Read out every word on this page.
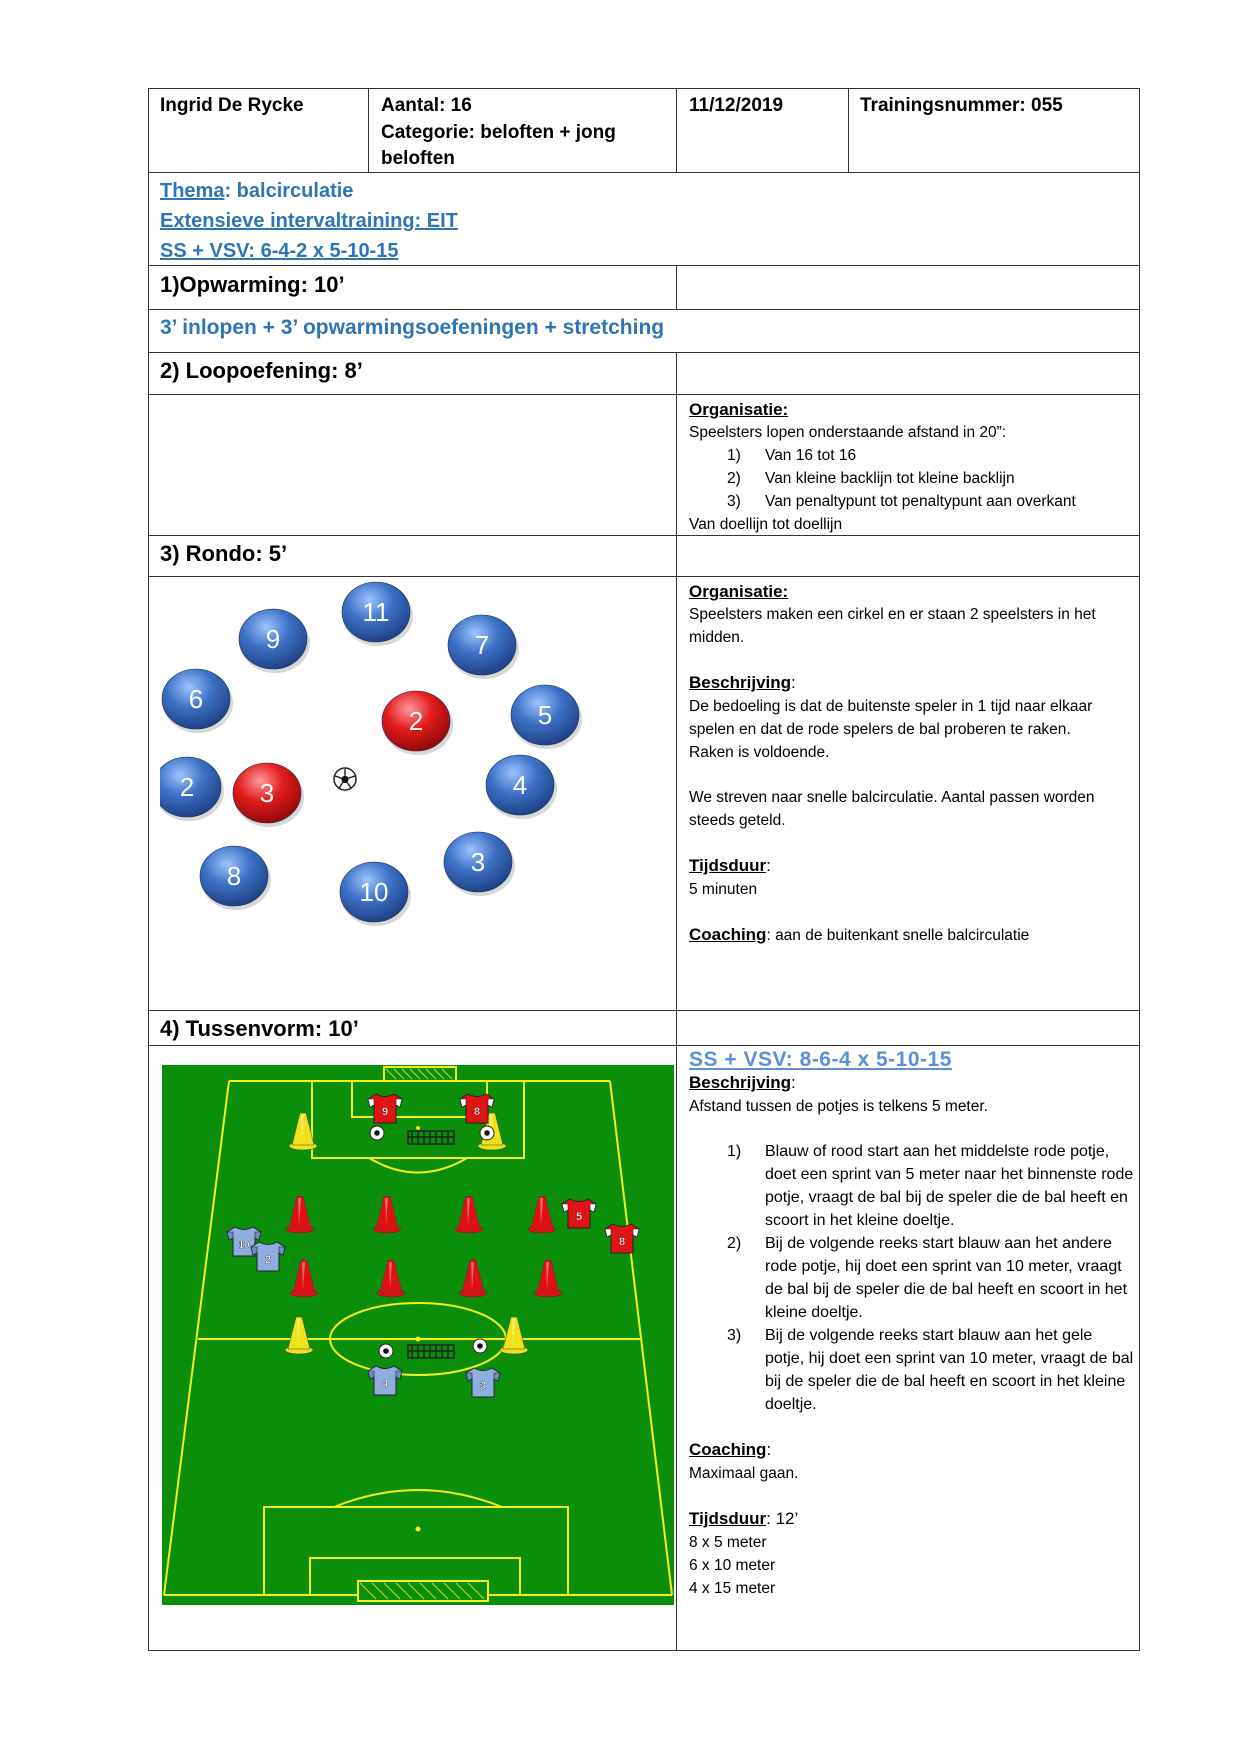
Ingrid De Rycke	Aantal: 16
Categorie: beloften + jong beloften
11/12/2019	Trainingsnummer: 055
Thema: balcirculatie
Extensieve intervaltraining: EIT
SS + VSV: 6-4-2 x 5-10-15
1)Opwarming: 10’
3’ inlopen + 3’ opwarmingsoefeningen + stretching
2) Loopoefening: 8’
Organisatie:
Speelsters lopen onderstaande afstand in 20”:
1) Van 16 tot 16
2) Van kleine backlijn tot kleine backlijn
3) Van penaltypunt tot penaltypunt aan overkant
Van doellijn tot doellijn
3) Rondo: 5’
11
9	7
6
5
2	4
3
8
10
2
3
Organisatie:
Speelsters maken een cirkel en er staan 2 speelsters in het midden.
Beschrijving:
De bedoeling is dat de buitenste speler in 1 tijd naar elkaar spelen en dat de rode spelers de bal proberen te raken.
Raken is voldoende.
We streven naar snelle balcirculatie. Aantal passen worden steeds geteld.
Tijdsduur:
5 minuten
Coaching: aan de buitenkant snelle balcirculatie
4) Tussenvorm: 10’
9	8
5
8
10
2
4	3
SS + VSV: 8-6-4 x 5-10-15
Beschrijving:
Afstand tussen de potjes is telkens 5 meter.
1) Blauw of rood start aan het middelste rode potje, doet een sprint van 5 meter naar het binnenste rode potje, vraagt de bal bij de speler die de bal heeft en scoort in het kleine doeltje.
2) Bij de volgende reeks start blauw aan het andere rode potje, hij doet een sprint van 10 meter, vraagt de bal bij de speler die de bal heeft en scoort in het kleine doeltje.
3) Bij de volgende reeks start blauw aan het gele potje, hij doet een sprint van 10 meter, vraagt de bal bij de speler die de bal heeft en scoort in het kleine doeltje.
Coaching:
Maximaal gaan.
Tijdsduur: 12’
8 x 5 meter
6 x 10 meter
4 x 15 meter
